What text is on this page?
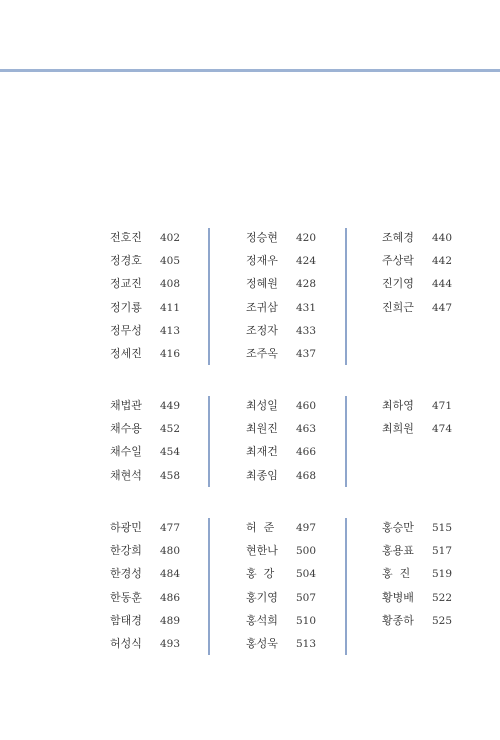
전호진	402
정경호	405
정교진	408
정기룡	411
정무성	413
정세진	416
정승현	420
정재우	424
정혜원	428
조귀삼	431
조정자	433
조주옥	437
조혜경	440
주상락	442
진기영	444
진희근	447
채법관	449
채수용	452
채수일	454
채현석	458
최성일	460
최원진	463
최재건	466
최종임	468
최하영	471
최희원	474
하광민	477
한강희	480
한경성	484
한동훈	486
함태경	489
허성식	493
허  준	497
현한나	500
홍  강	504
홍기영	507
홍석희	510
홍성욱	513
홍승만	515
홍용표	517
홍  진	519
황병배	522
황종하	525
